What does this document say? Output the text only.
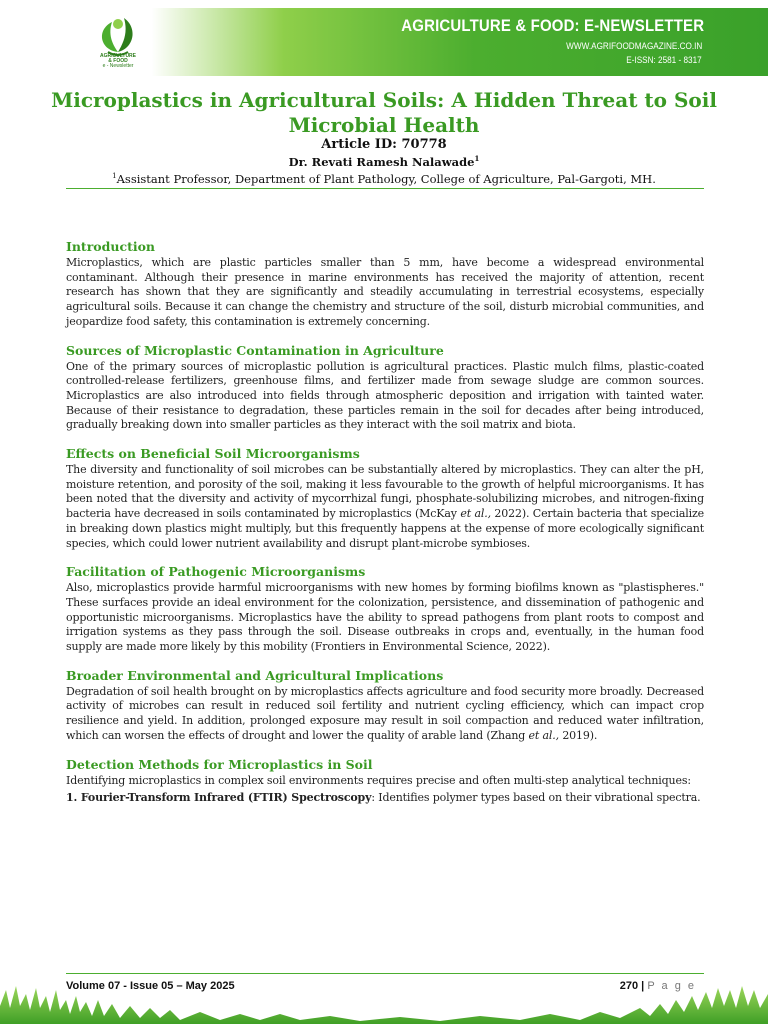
AGRICULTURE
& FOOD
e - Newsletter
AGRICULTURE & FOOD: E-NEWSLETTER
WWW.AGRIFOODMAGAZINE.CO.IN
E-ISSN: 2581 - 8317
Microplastics in Agricultural Soils: A Hidden Threat to Soil Microbial Health
Article ID: 70778
Dr. Revati Ramesh Nalawade$^1$
$^1$Assistant Professor, Department of Plant Pathology, College of Agriculture, Pal-Gargoti, MH.
Introduction

Microplastics, which are plastic particles smaller than 5 mm, have become a widespread environmental contaminant. Although their presence in marine environments has received the majority of attention, recent research has shown that they are significantly and steadily accumulating in terrestrial ecosystems, especially agricultural soils. Because it can change the chemistry and structure of the soil, disturb microbial communities, and jeopardize food safety, this contamination is extremely concerning.

Sources of Microplastic Contamination in Agriculture

One of the primary sources of microplastic pollution is agricultural practices. Plastic mulch films, plastic-coated controlled-release fertilizers, greenhouse films, and fertilizer made from sewage sludge are common sources. Microplastics are also introduced into fields through atmospheric deposition and irrigation with tainted water. Because of their resistance to degradation, these particles remain in the soil for decades after being introduced, gradually breaking down into smaller particles as they interact with the soil matrix and biota.

Effects on Beneficial Soil Microorganisms

The diversity and functionality of soil microbes can be substantially altered by microplastics. They can alter the pH, moisture retention, and porosity of the soil, making it less favourable to the growth of helpful microorganisms. It has been noted that the diversity and activity of mycorrhizal fungi, phosphate-solubilizing microbes, and nitrogen-fixing bacteria have decreased in soils contaminated by microplastics (McKay et al., 2022). Certain bacteria that specialize in breaking down plastics might multiply, but this frequently happens at the expense of more ecologically significant species, which could lower nutrient availability and disrupt plant-microbe symbioses.

Facilitation of Pathogenic Microorganisms

Also, microplastics provide harmful microorganisms with new homes by forming biofilms known as "plastispheres." These surfaces provide an ideal environment for the colonization, persistence, and dissemination of pathogenic and opportunistic microorganisms. Microplastics have the ability to spread pathogens from plant roots to compost and irrigation systems as they pass through the soil. Disease outbreaks in crops and, eventually, in the human food supply are made more likely by this mobility (Frontiers in Environmental Science, 2022).

Broader Environmental and Agricultural Implications

Degradation of soil health brought on by microplastics affects agriculture and food security more broadly. Decreased activity of microbes can result in reduced soil fertility and nutrient cycling efficiency, which can impact crop resilience and yield. In addition, prolonged exposure may result in soil compaction and reduced water infiltration, which can worsen the effects of drought and lower the quality of arable land (Zhang et al., 2019).

Detection Methods for Microplastics in Soil

Identifying microplastics in complex soil environments requires precise and often multi-step analytical techniques:

1. Fourier-Transform Infrared (FTIR) Spectroscopy: Identifies polymer types based on their vibrational spectra.

Volume 07 - Issue 05 – May 2025	270 | P a g e
